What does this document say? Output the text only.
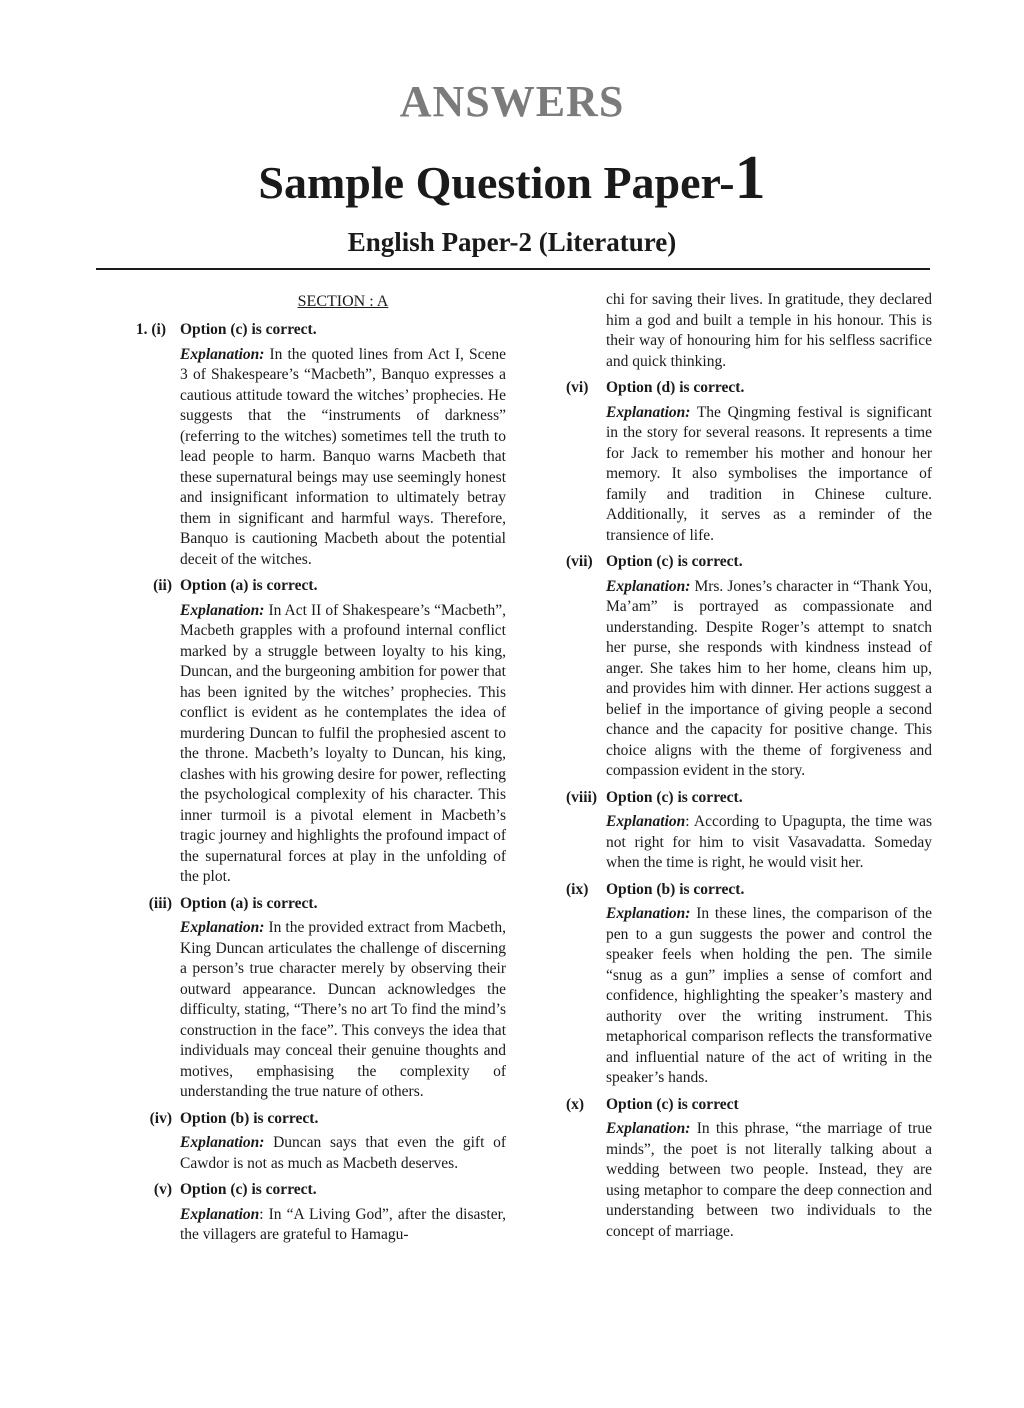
ANSWERS
Sample Question Paper-1
English Paper-2 (Literature)
SECTION : A
1. (i) Option (c) is correct.
Explanation: In the quoted lines from Act I, Scene 3 of Shakespeare’s “Macbeth”, Banquo expresses a cautious attitude toward the witches’ prophecies. He suggests that the “instruments of darkness” (referring to the witches) sometimes tell the truth to lead people to harm. Banquo warns Macbeth that these supernatural beings may use seemingly honest and insignificant information to ultimately betray them in significant and harmful ways. Therefore, Banquo is cautioning Macbeth about the potential deceit of the witches.
(ii) Option (a) is correct.
Explanation: In Act II of Shakespeare’s “Macbeth”, Macbeth grapples with a profound internal conflict marked by a struggle between loyalty to his king, Duncan, and the burgeoning ambition for power that has been ignited by the witches’ prophecies. This conflict is evident as he contemplates the idea of murdering Duncan to fulfil the prophesied ascent to the throne. Macbeth’s loyalty to Duncan, his king, clashes with his growing desire for power, reflecting the psychological complexity of his character. This inner turmoil is a pivotal element in Macbeth’s tragic journey and highlights the profound impact of the supernatural forces at play in the unfolding of the plot.
(iii) Option (a) is correct.
Explanation: In the provided extract from Macbeth, King Duncan articulates the challenge of discerning a person’s true character merely by observing their outward appearance. Duncan acknowledges the difficulty, stating, “There’s no art To find the mind’s construction in the face”. This conveys the idea that individuals may conceal their genuine thoughts and motives, emphasising the complexity of understanding the true nature of others.
(iv) Option (b) is correct.
Explanation: Duncan says that even the gift of Cawdor is not as much as Macbeth deserves.
(v) Option (c) is correct.
Explanation: In “A Living God”, after the disaster, the villagers are grateful to Hamagu-
chi for saving their lives. In gratitude, they declared him a god and built a temple in his honour. This is their way of honouring him for his selfless sacrifice and quick thinking.
(vi) Option (d) is correct.
Explanation: The Qingming festival is significant in the story for several reasons. It represents a time for Jack to remember his mother and honour her memory. It also symbolises the importance of family and tradition in Chinese culture. Additionally, it serves as a reminder of the transience of life.
(vii) Option (c) is correct.
Explanation: Mrs. Jones’s character in “Thank You, Ma’am” is portrayed as compassionate and understanding. Despite Roger’s attempt to snatch her purse, she responds with kindness instead of anger. She takes him to her home, cleans him up, and provides him with dinner. Her actions suggest a belief in the importance of giving people a second chance and the capacity for positive change. This choice aligns with the theme of forgiveness and compassion evident in the story.
(viii) Option (c) is correct.
Explanation: According to Upagupta, the time was not right for him to visit Vasavadatta. Someday when the time is right, he would visit her.
(ix) Option (b) is correct.
Explanation: In these lines, the comparison of the pen to a gun suggests the power and control the speaker feels when holding the pen. The simile “snug as a gun” implies a sense of comfort and confidence, highlighting the speaker’s mastery and authority over the writing instrument. This metaphorical comparison reflects the transformative and influential nature of the act of writing in the speaker’s hands.
(x) Option (c) is correct
Explanation: In this phrase, “the marriage of true minds”, the poet is not literally talking about a wedding between two people. Instead, they are using metaphor to compare the deep connection and understanding between two individuals to the concept of marriage.
